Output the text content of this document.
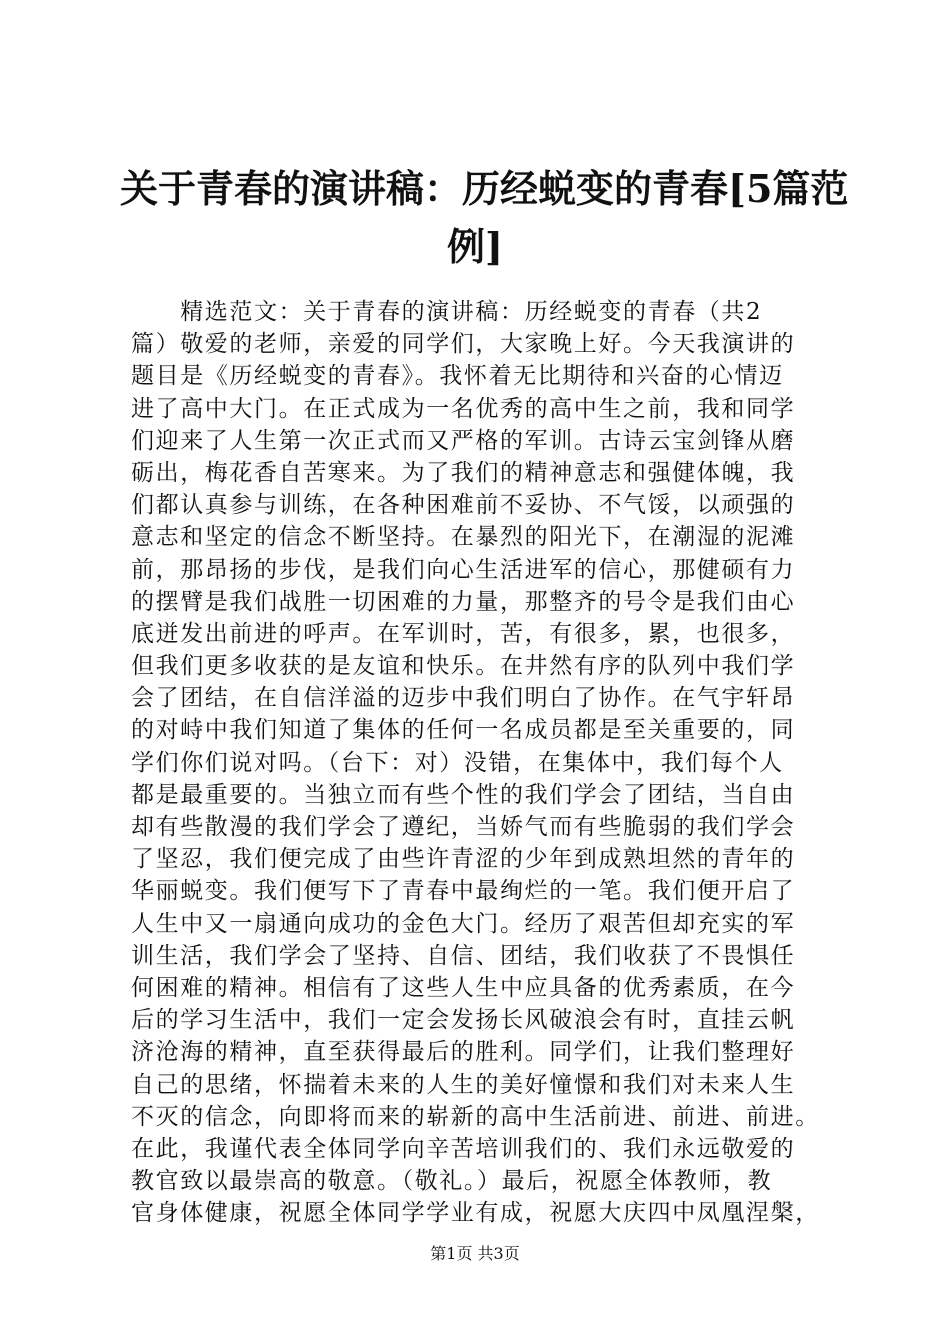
关于青春的演讲稿：历经蜕变的青春[5篇范
例]
　　精选范文：关于青春的演讲稿：历经蜕变的青春（共2
篇）敬爱的老师，亲爱的同学们，大家晚上好。今天我演讲的
题目是《历经蜕变的青春》。我怀着无比期待和兴奋的心情迈
进了高中大门。在正式成为一名优秀的高中生之前，我和同学
们迎来了人生第一次正式而又严格的军训。古诗云宝剑锋从磨
砺出，梅花香自苦寒来。为了我们的精神意志和强健体魄，我
们都认真参与训练，在各种困难前不妥协、不气馁，以顽强的
意志和坚定的信念不断坚持。在暴烈的阳光下，在潮湿的泥滩
前，那昂扬的步伐，是我们向心生活进军的信心，那健硕有力
的摆臂是我们战胜一切困难的力量，那整齐的号令是我们由心
底迸发出前进的呼声。在军训时，苦，有很多，累，也很多，
但我们更多收获的是友谊和快乐。在井然有序的队列中我们学
会了团结，在自信洋溢的迈步中我们明白了协作。在气宇轩昂
的对峙中我们知道了集体的任何一名成员都是至关重要的，同
学们你们说对吗。（台下：对）没错，在集体中，我们每个人
都是最重要的。当独立而有些个性的我们学会了团结，当自由
却有些散漫的我们学会了遵纪，当娇气而有些脆弱的我们学会
了坚忍，我们便完成了由些许青涩的少年到成熟坦然的青年的
华丽蜕变。我们便写下了青春中最绚烂的一笔。我们便开启了
人生中又一扇通向成功的金色大门。经历了艰苦但却充实的军
训生活，我们学会了坚持、自信、团结，我们收获了不畏惧任
何困难的精神。相信有了这些人生中应具备的优秀素质，在今
后的学习生活中，我们一定会发扬长风破浪会有时，直挂云帆
济沧海的精神，直至获得最后的胜利。同学们，让我们整理好
自己的思绪，怀揣着未来的人生的美好憧憬和我们对未来人生
不灭的信念，向即将而来的崭新的高中生活前进、前进、前进。
在此，我谨代表全体同学向辛苦培训我们的、我们永远敬爱的
教官致以最崇高的敬意。（敬礼。）最后，祝愿全体教师，教
官身体健康，祝愿全体同学学业有成，祝愿大庆四中凤凰涅槃，
第1页 共3页
